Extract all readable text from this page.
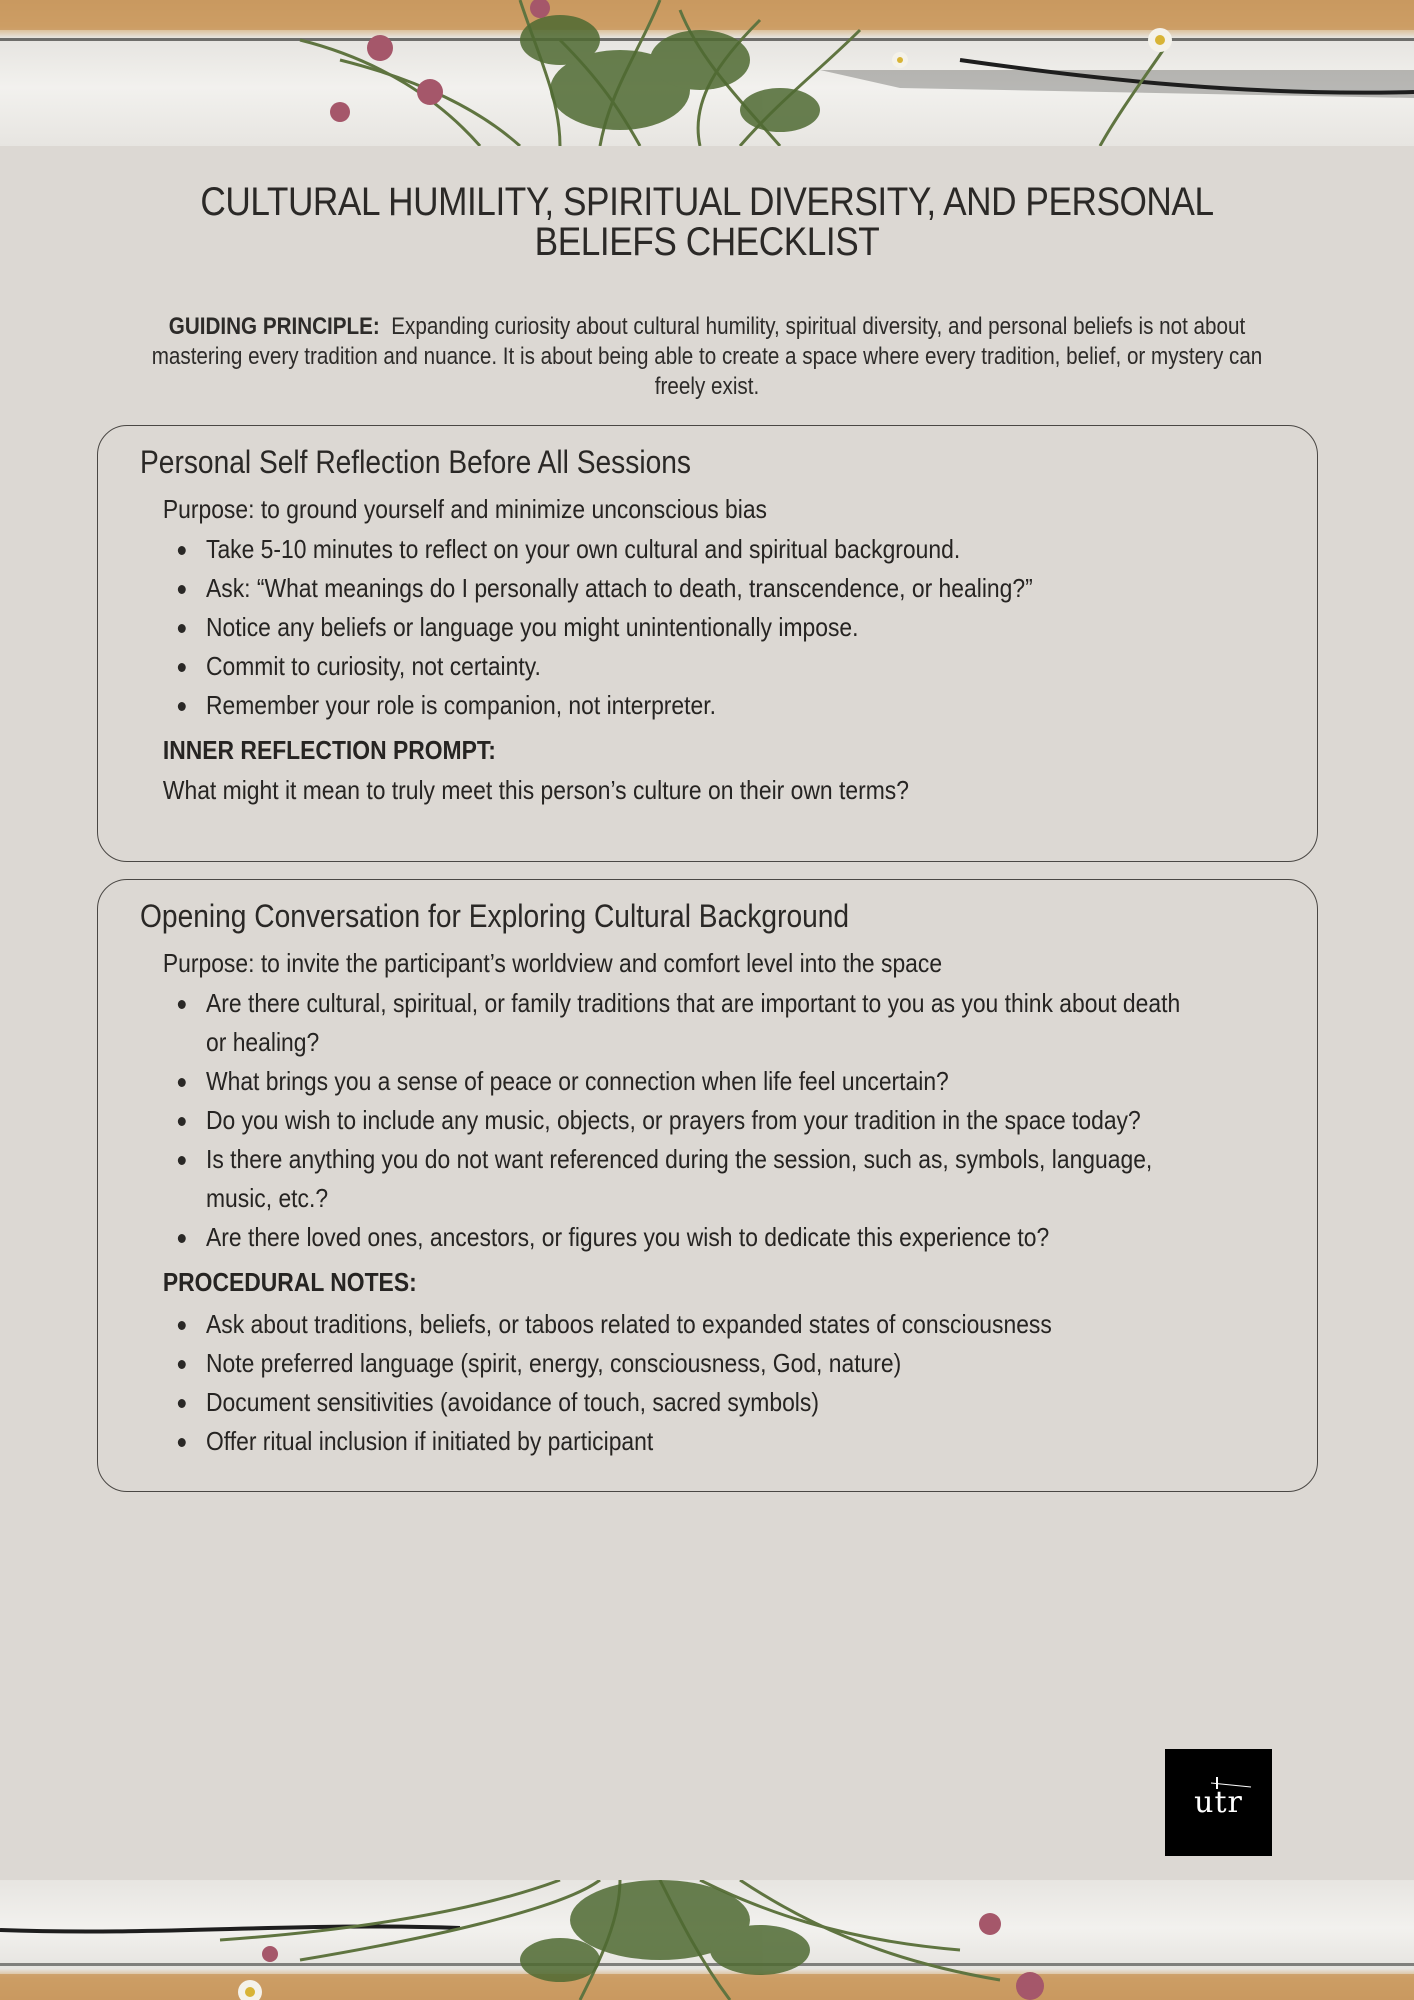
CULTURAL HUMILITY, SPIRITUAL DIVERSITY, AND PERSONAL BELIEFS CHECKLIST
GUIDING PRINCIPLE: Expanding curiosity about cultural humility, spiritual diversity, and personal beliefs is not about mastering every tradition and nuance. It is about being able to create a space where every tradition, belief, or mystery can freely exist.
Personal Self Reflection Before All Sessions
Purpose: to ground yourself and minimize unconscious bias
Take 5-10 minutes to reflect on your own cultural and spiritual background.
Ask: “What meanings do I personally attach to death, transcendence, or healing?”
Notice any beliefs or language you might unintentionally impose.
Commit to curiosity, not certainty.
Remember your role is companion, not interpreter.
INNER REFLECTION PROMPT:
What might it mean to truly meet this person’s culture on their own terms?
Opening Conversation for Exploring Cultural Background
Purpose: to invite the participant’s worldview and comfort level into the space
Are there cultural, spiritual, or family traditions that are important to you as you think about death or healing?
What brings you a sense of peace or connection when life feel uncertain?
Do you wish to include any music, objects, or prayers from your tradition in the space today?
Is there anything you do not want referenced during the session, such as, symbols, language, music, etc.?
Are there loved ones, ancestors, or figures you wish to dedicate this experience to?
PROCEDURAL NOTES:
Ask about traditions, beliefs, or taboos related to expanded states of consciousness
Note preferred language (spirit, energy, consciousness, God, nature)
Document sensitivities (avoidance of touch, sacred symbols)
Offer ritual inclusion if initiated by participant
utr
